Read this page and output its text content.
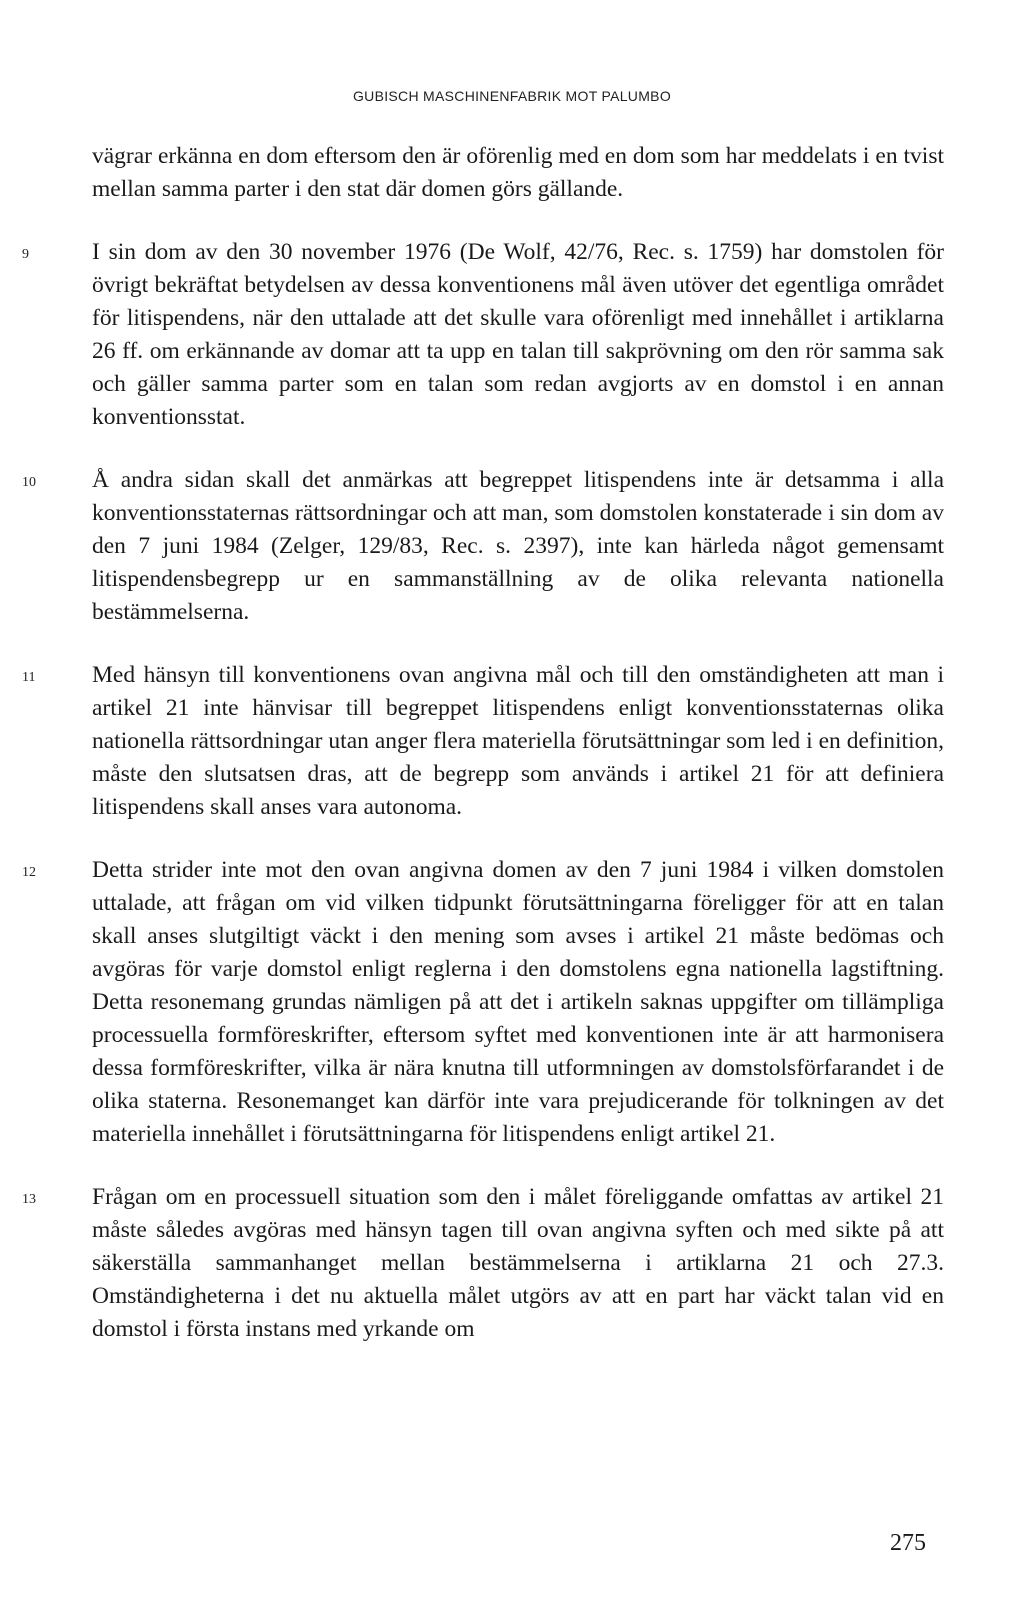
GUBISCH MASCHINENFABRIK MOT PALUMBO

vägrar erkänna en dom eftersom den är oförenlig med en dom som har meddelats i en tvist mellan samma parter i den stat där domen görs gällande.

9	I sin dom av den 30 november 1976 (De Wolf, 42/76, Rec. s. 1759) har domstolen för övrigt bekräftat betydelsen av dessa konventionens mål även utöver det egentliga området för litispendens, när den uttalade att det skulle vara oförenligt med innehållet i artiklarna 26 ff. om erkännande av domar att ta upp en talan till sakprövning om den rör samma sak och gäller samma parter som en talan som redan avgjorts av en domstol i en annan konventionsstat.
10 Å andra sidan skall det anmärkas att begreppet litispendens inte är detsamma i alla konventionsstaternas rättsordningar och att man, som domstolen konstaterade i sin dom av den 7 juni 1984 (Zelger, 129/83, Rec. s. 2397), inte kan härleda något gemensamt litispendensbegrepp ur en sammanställning av de olika relevanta nationella bestämmelserna.
11 Med hänsyn till konventionens ovan angivna mål och till den omständigheten att man i artikel 21 inte hänvisar till begreppet litispendens enligt konventionsstaternas olika nationella rättsordningar utan anger flera materiella förutsättningar som led i en definition, måste den slutsatsen dras, att de begrepp som används i artikel 21 för att definiera litispendens skall anses vara autonoma.
12 Detta strider inte mot den ovan angivna domen av den 7 juni 1984 i vilken domstolen uttalade, att frågan om vid vilken tidpunkt förutsättningarna föreligger för att en talan skall anses slutgiltigt väckt i den mening som avses i artikel 21 måste bedömas och avgöras för varje domstol enligt reglerna i den domstolens egna nationella lagstiftning. Detta resonemang grundas nämligen på att det i artikeln saknas uppgifter om tillämpliga processuella formföreskrifter, eftersom syftet med konventionen inte är att harmonisera dessa formföreskrifter, vilka är nära knutna till utformningen av domstolsförfarandet i de olika staterna. Resonemanget kan därför inte vara prejudicerande för tolkningen av det materiella innehållet i förutsättningarna för litispendens enligt artikel 21.
13 Frågan om en processuell situation som den i målet föreliggande omfattas av artikel 21 måste således avgöras med hänsyn tagen till ovan angivna syften och med sikte på att säkerställa sammanhanget mellan bestämmelserna i artiklarna 21 och 27.3. Omständigheterna i det nu aktuella målet utgörs av att en part har väckt talan vid en domstol i första instans med yrkande om
275
